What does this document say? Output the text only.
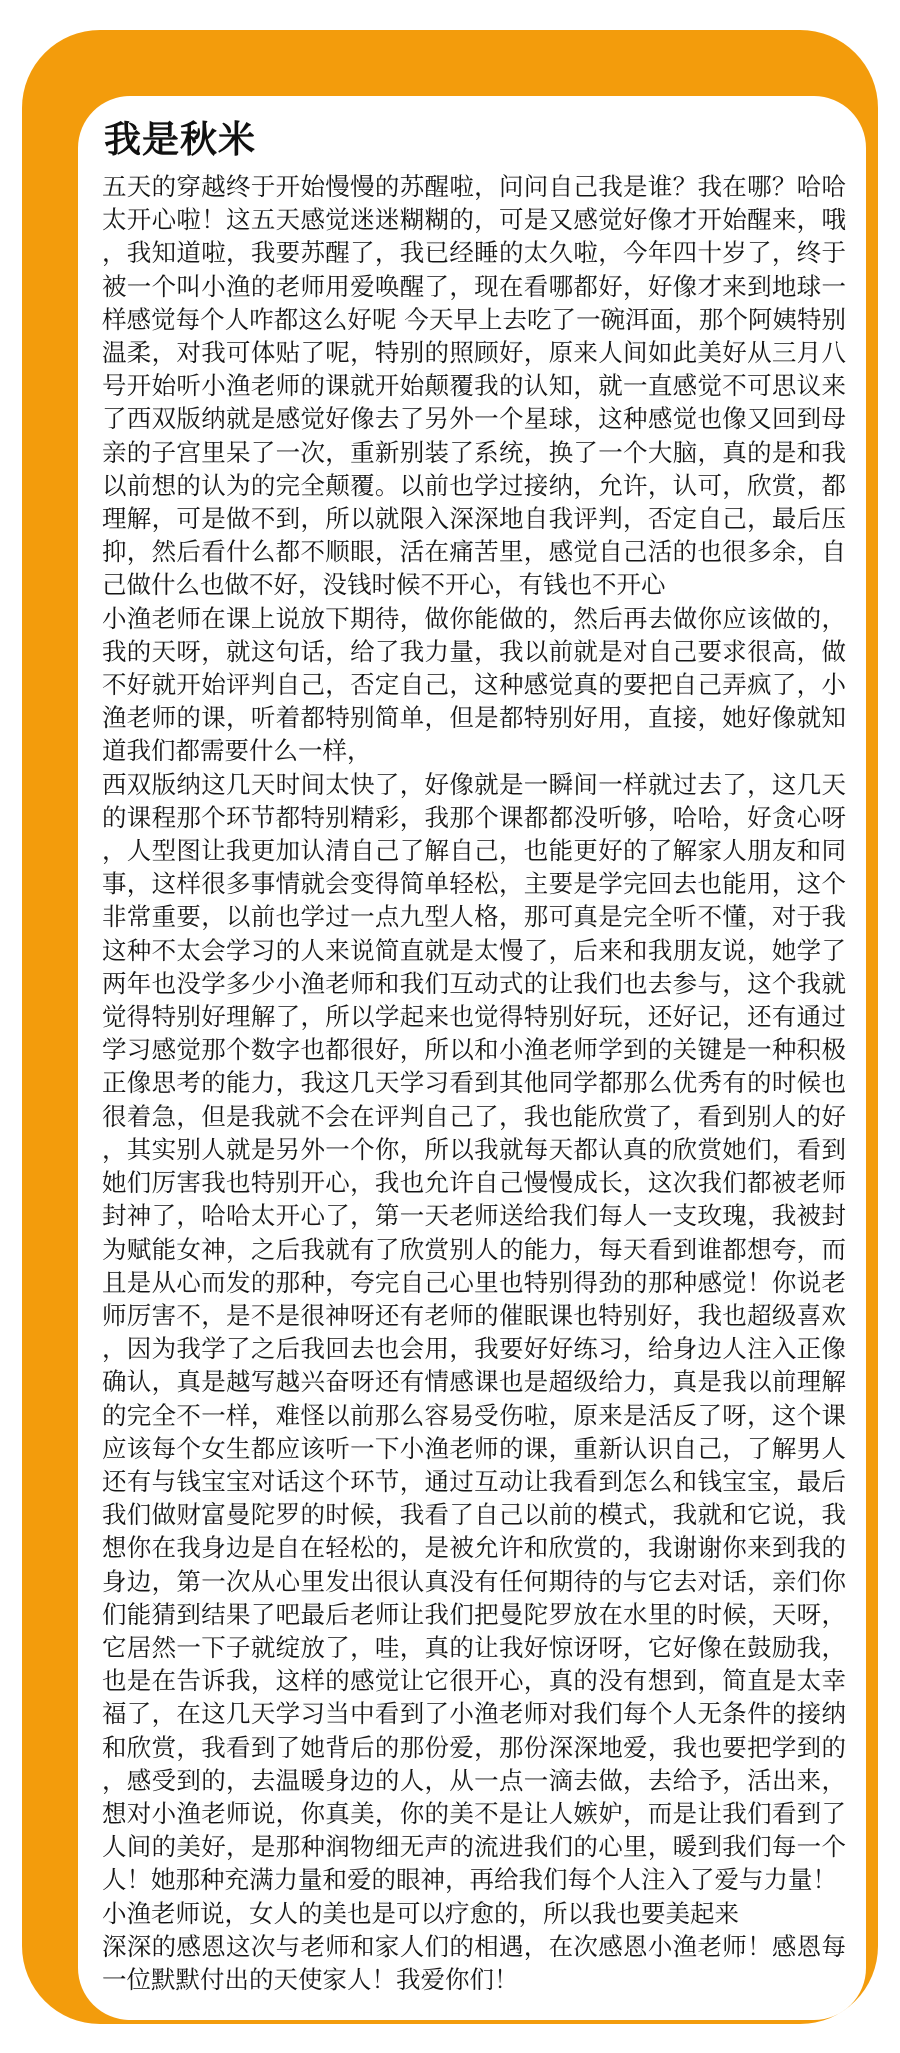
我是秋米

五天的穿越终于开始慢慢的苏醒啦，问问自己我是谁？我在哪？哈哈太开心啦！这五天感觉迷迷糊糊的，可是又感觉好像才开始醒来，哦，我知道啦，我要苏醒了，我已经睡的太久啦，今年四十岁了，终于被一个叫小渔的老师用爱唤醒了，现在看哪都好，好像才来到地球一样感觉每个人咋都这么好呢 今天早上去吃了一碗洱面，那个阿姨特别温柔，对我可体贴了呢，特别的照顾好，原来人间如此美好从三月八号开始听小渔老师的课就开始颠覆我的认知，就一直感觉不可思议来了西双版纳就是感觉好像去了另外一个星球，这种感觉也像又回到母亲的子宫里呆了一次，重新别装了系统，换了一个大脑，真的是和我以前想的认为的完全颠覆。以前也学过接纳，允许，认可，欣赏，都理解，可是做不到，所以就限入深深地自我评判，否定自己，最后压抑，然后看什么都不顺眼，活在痛苦里，感觉自己活的也很多余，自己做什么也做不好，没钱时候不开心，有钱也不开心

小渔老师在课上说放下期待，做你能做的，然后再去做你应该做的，我的天呀，就这句话，给了我力量，我以前就是对自己要求很高，做不好就开始评判自己，否定自己，这种感觉真的要把自己弄疯了，小渔老师的课，听着都特别简单，但是都特别好用，直接，她好像就知道我们都需要什么一样，

西双版纳这几天时间太快了，好像就是一瞬间一样就过去了，这几天的课程那个环节都特别精彩，我那个课都都没听够，哈哈，好贪心呀，人型图让我更加认清自己了解自己，也能更好的了解家人朋友和同事，这样很多事情就会变得简单轻松，主要是学完回去也能用，这个非常重要，以前也学过一点九型人格，那可真是完全听不懂，对于我这种不太会学习的人来说简直就是太慢了，后来和我朋友说，她学了两年也没学多少小渔老师和我们互动式的让我们也去参与，这个我就觉得特别好理解了，所以学起来也觉得特别好玩，还好记，还有通过学习感觉那个数字也都很好，所以和小渔老师学到的关键是一种积极正像思考的能力，我这几天学习看到其他同学都那么优秀有的时候也很着急，但是我就不会在评判自己了，我也能欣赏了，看到别人的好，其实别人就是另外一个你，所以我就每天都认真的欣赏她们，看到她们厉害我也特别开心，我也允许自己慢慢成长，这次我们都被老师封神了，哈哈太开心了，第一天老师送给我们每人一支玫瑰，我被封为赋能女神，之后我就有了欣赏别人的能力，每天看到谁都想夸，而且是从心而发的那种，夸完自己心里也特别得劲的那种感觉！你说老师厉害不，是不是很神呀还有老师的催眠课也特别好，我也超级喜欢，因为我学了之后我回去也会用，我要好好练习，给身边人注入正像确认，真是越写越兴奋呀还有情感课也是超级给力，真是我以前理解的完全不一样，难怪以前那么容易受伤啦，原来是活反了呀，这个课应该每个女生都应该听一下小渔老师的课，重新认识自己，了解男人还有与钱宝宝对话这个环节，通过互动让我看到怎么和钱宝宝，最后我们做财富曼陀罗的时候，我看了自己以前的模式，我就和它说，我想你在我身边是自在轻松的，是被允许和欣赏的，我谢谢你来到我的身边，第一次从心里发出很认真没有任何期待的与它去对话，亲们你们能猜到结果了吧最后老师让我们把曼陀罗放在水里的时候，天呀，它居然一下子就绽放了，哇，真的让我好惊讶呀，它好像在鼓励我，也是在告诉我，这样的感觉让它很开心，真的没有想到，简直是太幸福了，在这几天学习当中看到了小渔老师对我们每个人无条件的接纳和欣赏，我看到了她背后的那份爱，那份深深地爱，我也要把学到的，感受到的，去温暖身边的人，从一点一滴去做，去给予，活出来，想对小渔老师说，你真美，你的美不是让人嫉妒，而是让我们看到了人间的美好，是那种润物细无声的流进我们的心里，暖到我们每一个人！她那种充满力量和爱的眼神，再给我们每个人注入了爱与力量！

小渔老师说，女人的美也是可以疗愈的，所以我也要美起来

深深的感恩这次与老师和家人们的相遇，在次感恩小渔老师！感恩每一位默默付出的天使家人！我爱你们！
